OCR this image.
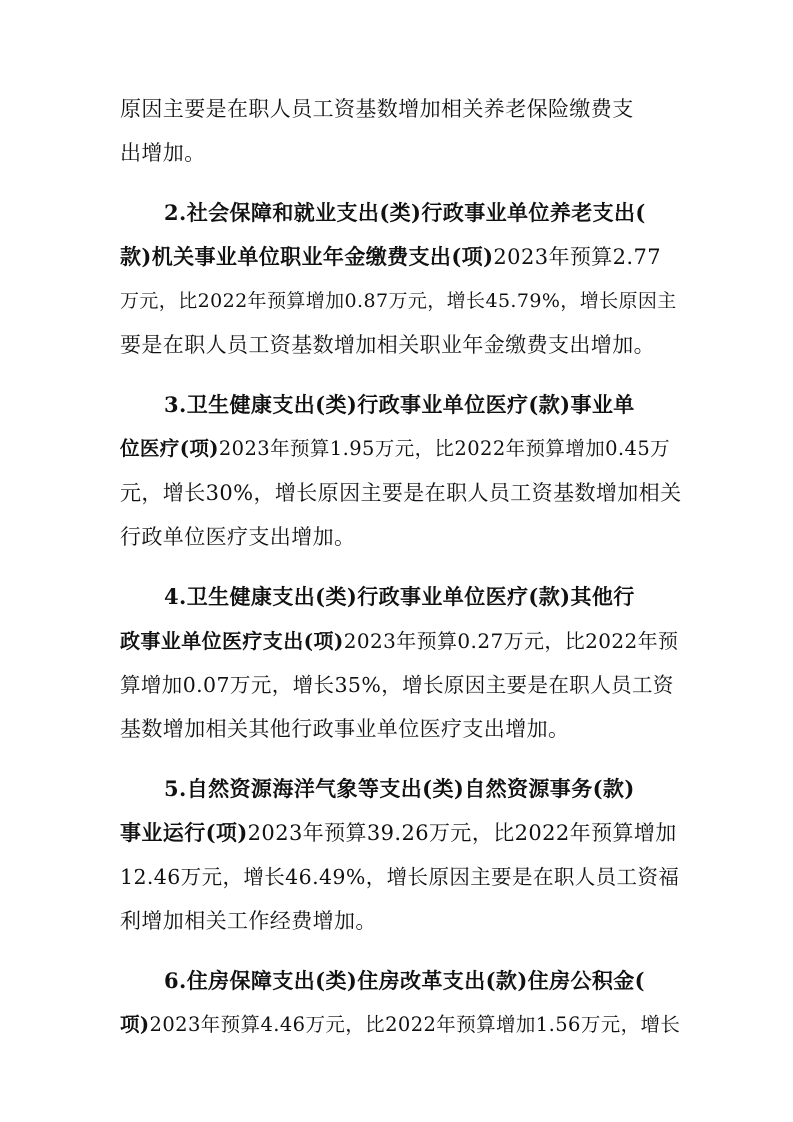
原因主要是在职人员工资基数增加相关养老保险缴费支
出增加。
2.社会保障和就业支出(类)行政事业单位养老支出(
款)机关事业单位职业年金缴费支出(项)2023年预算2.77
万元，比2022年预算增加0.87万元，增长45.79%，增长原因主
要是在职人员工资基数增加相关职业年金缴费支出增加。
3.卫生健康支出(类)行政事业单位医疗(款)事业单
位医疗(项)2023年预算1.95万元，比2022年预算增加0.45万
元，增长30%，增长原因主要是在职人员工资基数增加相关
行政单位医疗支出增加。
4.卫生健康支出(类)行政事业单位医疗(款)其他行
政事业单位医疗支出(项)2023年预算0.27万元，比2022年预
算增加0.07万元，增长35%，增长原因主要是在职人员工资
基数增加相关其他行政事业单位医疗支出增加。
5.自然资源海洋气象等支出(类)自然资源事务(款)
事业运行(项)2023年预算39.26万元，比2022年预算增加
12.46万元，增长46.49%，增长原因主要是在职人员工资福
利增加相关工作经费增加。
6.住房保障支出(类)住房改革支出(款)住房公积金(
项)2023年预算4.46万元，比2022年预算增加1.56万元，增长
